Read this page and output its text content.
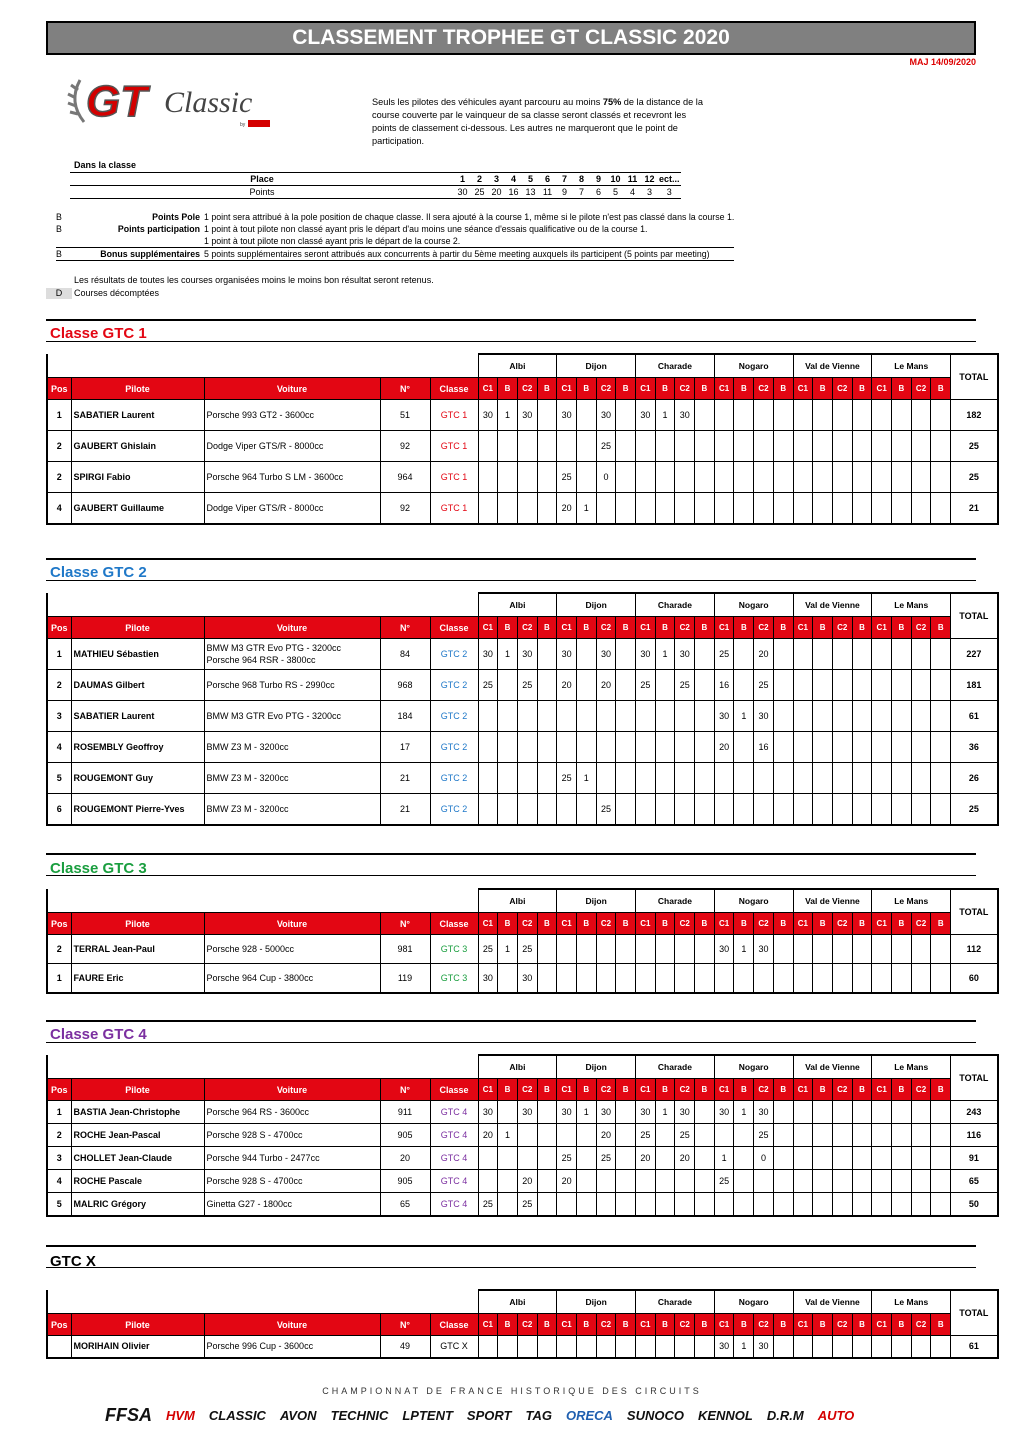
CLASSEMENT TROPHEE GT CLASSIC 2020
MAJ 14/09/2020
GT Classic
by
Seuls les pilotes des véhicules ayant parcouru au moins 75% de la distance de la course couverte par le vainqueur de sa classe seront classés et recevront les points de classement ci-dessous. Les autres ne marqueront que le point de participation.
Dans la classe
Place	1	2	3	4	5	6	7	8	9	10	11	12	ect...
Points	30	25	20	16	13	11	9	7	6	5	4	3	3
B	Points Pole 1 point sera attribué à la pole position de chaque classe. Il sera ajouté à la course 1, même si le pilote n'est pas classé dans la course 1.
B	Points participation 1 point à tout pilote non classé ayant pris le départ d'au moins une séance d'essais qualificative ou de la course 1.
1 point à tout pilote non classé ayant pris le départ de la course 2.
B	Bonus supplémentaires 5 points supplémentaires seront attribués aux concurrents à partir du 5ème meeting auxquels ils participent (5 points par meeting)
Les résultats de toutes les courses organisées moins le moins bon résultat seront retenus.
D	Courses décomptées
Classe GTC 1
					Albi				Dijon				Charade				Nogaro				Val de Vienne				Le Mans				TOTAL
Pos	Pilote	Voiture	N°	Classe	C1	B	C2	B	C1	B	C2	B	C1	B	C2	B	C1	B	C2	B	C1	B	C2	B	C1	B	C2	B	
1	SABATIER Laurent	Porsche 993 GT2 - 3600cc	51	GTC 1	30	1	30		30		30		30	1	30														182
2	GAUBERT Ghislain	Dodge Viper GTS/R - 8000cc	92	GTC 1							25																		25
2	SPIRGI Fabio	Porsche 964 Turbo S LM - 3600cc	964	GTC 1					25		0																		25
4	GAUBERT Guillaume	Dodge Viper GTS/R - 8000cc	92	GTC 1					20	1																			21
Classe GTC 2
					Albi				Dijon				Charade				Nogaro				Val de Vienne				Le Mans				TOTAL
Pos	Pilote	Voiture	N°	Classe	C1	B	C2	B	C1	B	C2	B	C1	B	C2	B	C1	B	C2	B	C1	B	C2	B	C1	B	C2	B	
1	MATHIEU Sébastien	BMW M3 GTR Evo PTG - 3200cc
Porsche 964 RSR - 3800cc	84	GTC 2	30	1	30		30		30		30	1	30		25		20										227
2	DAUMAS Gilbert	Porsche 968 Turbo RS - 2990cc	968	GTC 2	25		25		20		20		25		25		16		25										181
3	SABATIER Laurent	BMW M3 GTR Evo PTG - 3200cc	184	GTC 2													30	1	30										61
4	ROSEMBLY Geoffroy	BMW Z3 M - 3200cc	17	GTC 2													20		16										36
5	ROUGEMONT Guy	BMW Z3 M - 3200cc	21	GTC 2					25	1																			26
6	ROUGEMONT Pierre-Yves	BMW Z3 M - 3200cc	21	GTC 2							25																		25
Classe GTC 3
					Albi				Dijon				Charade				Nogaro				Val de Vienne				Le Mans				TOTAL
Pos	Pilote	Voiture	N°	Classe	C1	B	C2	B	C1	B	C2	B	C1	B	C2	B	C1	B	C2	B	C1	B	C2	B	C1	B	C2	B	
2	TERRAL Jean-Paul	Porsche 928 - 5000cc	981	GTC 3	25	1	25										30	1	30										112
1	FAURE Eric	Porsche 964 Cup - 3800cc	119	GTC 3	30		30																						60
Classe GTC 4
					Albi				Dijon				Charade				Nogaro				Val de Vienne				Le Mans				TOTAL
Pos	Pilote	Voiture	N°	Classe	C1	B	C2	B	C1	B	C2	B	C1	B	C2	B	C1	B	C2	B	C1	B	C2	B	C1	B	C2	B	
1	BASTIA Jean-Christophe	Porsche 964 RS - 3600cc	911	GTC 4	30		30		30	1	30		30	1	30		30	1	30										243
2	ROCHE Jean-Pascal	Porsche 928 S - 4700cc	905	GTC 4	20	1					20		25		25				25										116
3	CHOLLET Jean-Claude	Porsche 944 Turbo - 2477cc	20	GTC 4					25		25		20		20		1		0										91
4	ROCHE Pascale	Porsche 928 S - 4700cc	905	GTC 4			20		20								25												65
5	MALRIC Grégory	Ginetta G27 - 1800cc	65	GTC 4	25		25																						50
GTC X
					Albi				Dijon				Charade				Nogaro				Val de Vienne				Le Mans				TOTAL
Pos	Pilote	Voiture	N°	Classe	C1	B	C2	B	C1	B	C2	B	C1	B	C2	B	C1	B	C2	B	C1	B	C2	B	C1	B	C2	B	
	MORIHAIN Olivier	Porsche 996 Cup - 3600cc	49	GTC X													30	1	30										61
CHAMPIONNAT DE FRANCE HISTORIQUE DES CIRCUITS
FFSA HVM CLASSIC AVON TECHNIC LPTENT SPORT TAG ORECA SUNOCO KENNOL D.R.M AUTO
